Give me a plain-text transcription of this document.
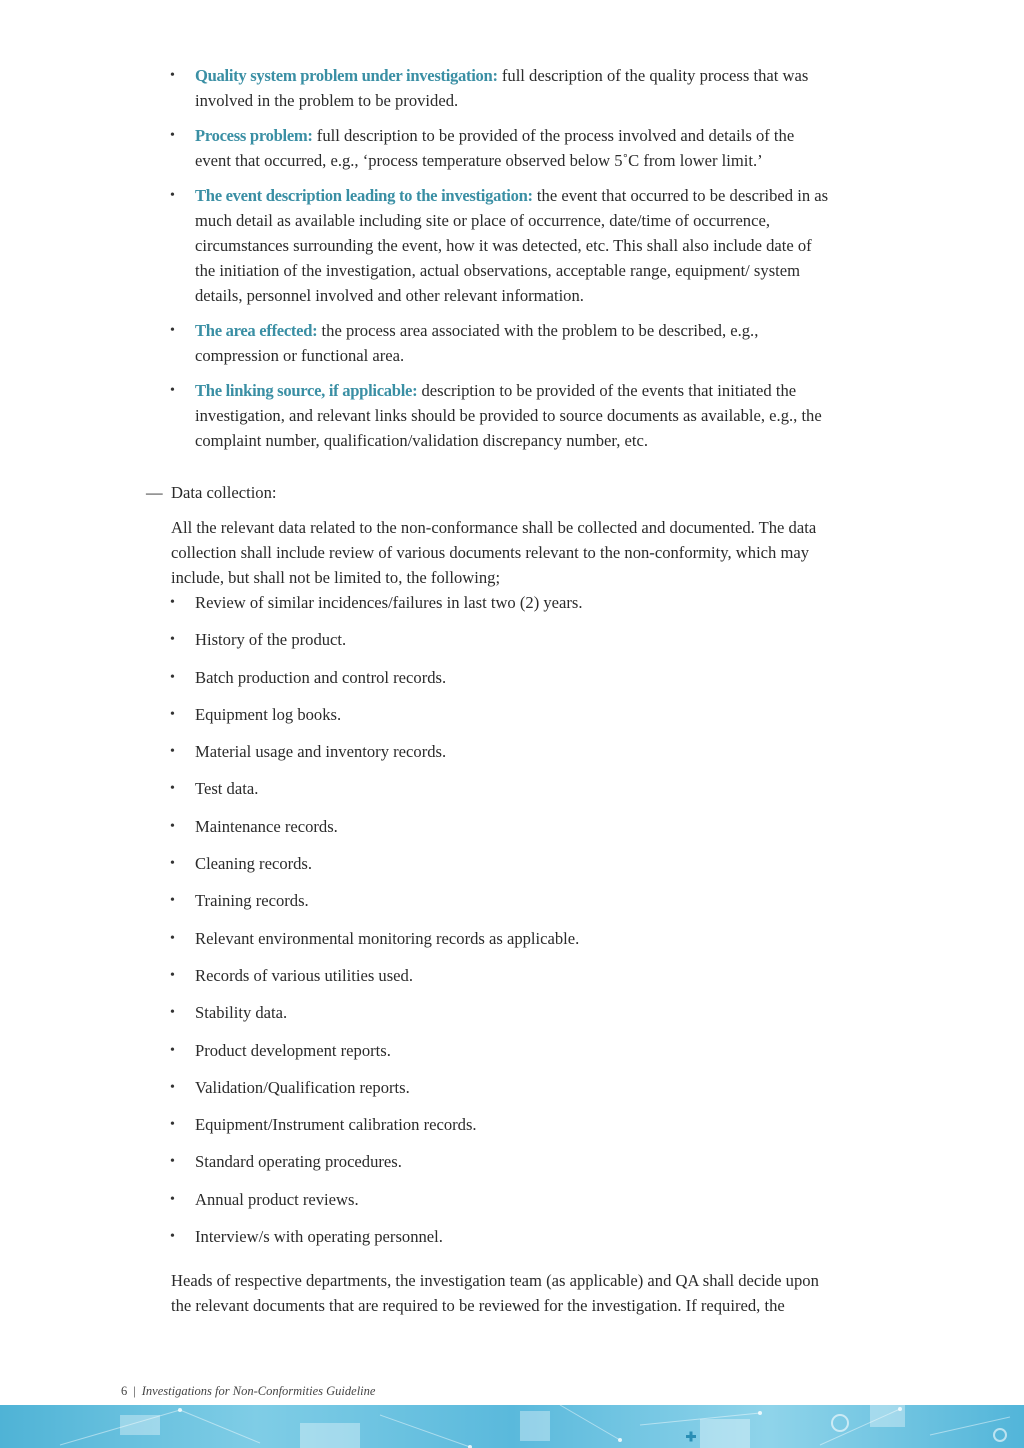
• Quality system problem under investigation: full description of the quality process that was involved in the problem to be provided.
• Process problem: full description to be provided of the process involved and details of the event that occurred, e.g., ‘process temperature observed below 5˚C from lower limit.’
• The event description leading to the investigation: the event that occurred to be described in as much detail as available including site or place of occurrence, date/time of occurrence, circumstances surrounding the event, how it was detected, etc. This shall also include date of the initiation of the investigation, actual observations, acceptable range, equipment/ system details, personnel involved and other relevant information.
• The area effected: the process area associated with the problem to be described, e.g., compression or functional area.
• The linking source, if applicable: description to be provided of the events that initiated the investigation, and relevant links should be provided to source documents as available, e.g., the complaint number, qualification/validation discrepancy number, etc.
— Data collection:
All the relevant data related to the non-conformance shall be collected and documented. The data collection shall include review of various documents relevant to the non-conformity, which may include, but shall not be limited to, the following;
• Review of similar incidences/failures in last two (2) years.
• History of the product.
• Batch production and control records.
• Equipment log books.
• Material usage and inventory records.
• Test data.
• Maintenance records.
• Cleaning records.
• Training records.
• Relevant environmental monitoring records as applicable.
• Records of various utilities used.
• Stability data.
• Product development reports.
• Validation/Qualification reports.
• Equipment/Instrument calibration records.
• Standard operating procedures.
• Annual product reviews.
• Interview/s with operating personnel.
Heads of respective departments, the investigation team (as applicable) and QA shall decide upon the relevant documents that are required to be reviewed for the investigation. If required, the
6 | Investigations for Non-Conformities Guideline
